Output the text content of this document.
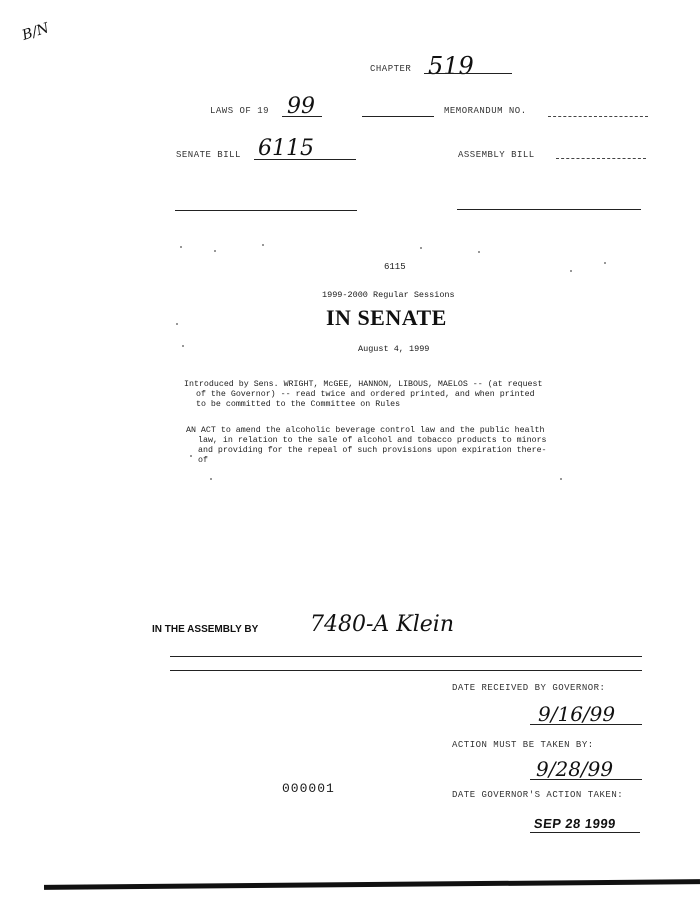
B/N
CHAPTER 519
LAWS OF 19 99	MEMORANDUM NO.
SENATE BILL 6115	ASSEMBLY BILL
6115
1999-2000 Regular Sessions
IN SENATE
August 4, 1999
Introduced by Sens. WRIGHT, McGEE, HANNON, LIBOUS, MAELOS -- (at request
of the Governor) -- read twice and ordered printed, and when printed
to be committed to the Committee on Rules
AN ACT to amend the alcoholic beverage control law and the public health
law, in relation to the sale of alcohol and tobacco products to minors
and providing for the repeal of such provisions upon expiration there-
of
IN THE ASSEMBLY BY 7480-A Klein
DATE RECEIVED BY GOVERNOR:
9/16/99
ACTION MUST BE TAKEN BY:
9/28/99
000001	DATE GOVERNOR'S ACTION TAKEN:
SEP 28 1999
